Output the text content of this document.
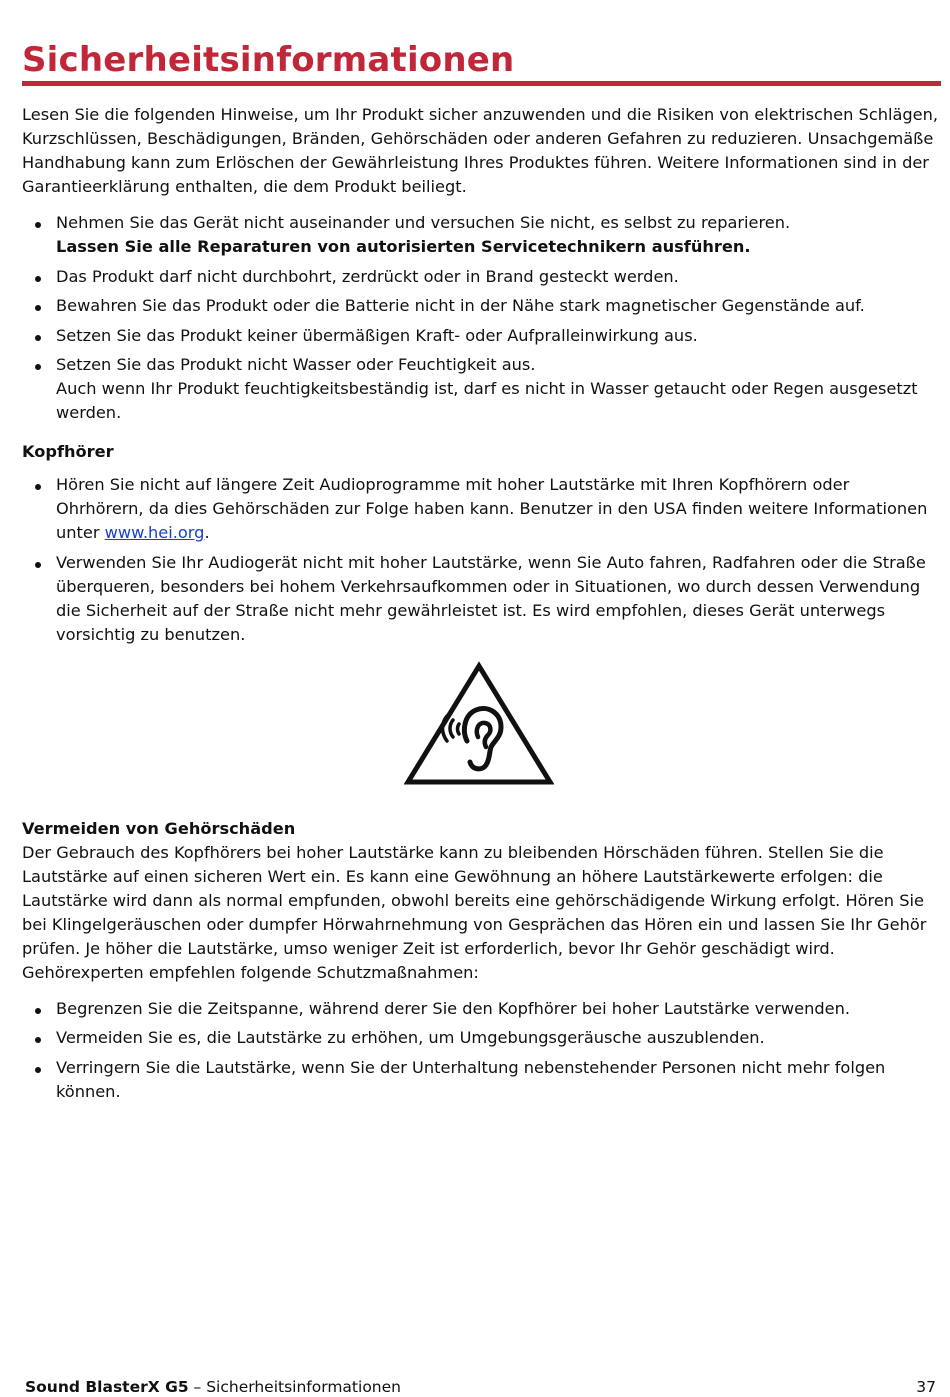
Sicherheitsinformationen

Lesen Sie die folgenden Hinweise, um Ihr Produkt sicher anzuwenden und die Risiken von elektrischen Schlägen, Kurzschlüssen, Beschädigungen, Bränden, Gehörschäden oder anderen Gefahren zu reduzieren. Unsachgemäße Handhabung kann zum Erlöschen der Gewährleistung Ihres Produktes führen. Weitere Informationen sind in der Garantieerklärung enthalten, die dem Produkt beiliegt.

Nehmen Sie das Gerät nicht auseinander und versuchen Sie nicht, es selbst zu reparieren.
Lassen Sie alle Reparaturen von autorisierten Servicetechnikern ausführen.
Das Produkt darf nicht durchbohrt, zerdrückt oder in Brand gesteckt werden.
Bewahren Sie das Produkt oder die Batterie nicht in der Nähe stark magnetischer Gegenstände auf.
Setzen Sie das Produkt keiner übermäßigen Kraft- oder Aufpralleinwirkung aus.
Setzen Sie das Produkt nicht Wasser oder Feuchtigkeit aus.
Auch wenn Ihr Produkt feuchtigkeitsbeständig ist, darf es nicht in Wasser getaucht oder Regen ausgesetzt werden.
Kopfhörer
Hören Sie nicht auf längere Zeit Audioprogramme mit hoher Lautstärke mit Ihren Kopfhörern oder Ohrhörern, da dies Gehörschäden zur Folge haben kann. Benutzer in den USA finden weitere Informationen unter www.hei.org.
Verwenden Sie Ihr Audiogerät nicht mit hoher Lautstärke, wenn Sie Auto fahren, Radfahren oder die Straße überqueren, besonders bei hohem Verkehrsaufkommen oder in Situationen, wo durch dessen Verwendung die Sicherheit auf der Straße nicht mehr gewährleistet ist. Es wird empfohlen, dieses Gerät unterwegs vorsichtig zu benutzen.
Vermeiden von Gehörschäden

Der Gebrauch des Kopfhörers bei hoher Lautstärke kann zu bleibenden Hörschäden führen. Stellen Sie die Lautstärke auf einen sicheren Wert ein. Es kann eine Gewöhnung an höhere Lautstärkewerte erfolgen: die Lautstärke wird dann als normal empfunden, obwohl bereits eine gehörschädigende Wirkung erfolgt. Hören Sie bei Klingelgeräuschen oder dumpfer Hörwahrnehmung von Gesprächen das Hören ein und lassen Sie Ihr Gehör prüfen. Je höher die Lautstärke, umso weniger Zeit ist erforderlich, bevor Ihr Gehör geschädigt wird. Gehörexperten empfehlen folgende Schutzmaßnahmen:

Begrenzen Sie die Zeitspanne, während derer Sie den Kopfhörer bei hoher Lautstärke verwenden.
Vermeiden Sie es, die Lautstärke zu erhöhen, um Umgebungsgeräusche auszublenden.
Verringern Sie die Lautstärke, wenn Sie der Unterhaltung nebenstehender Personen nicht mehr folgen können.
Sound BlasterX G5 – Sicherheitsinformationen	37
